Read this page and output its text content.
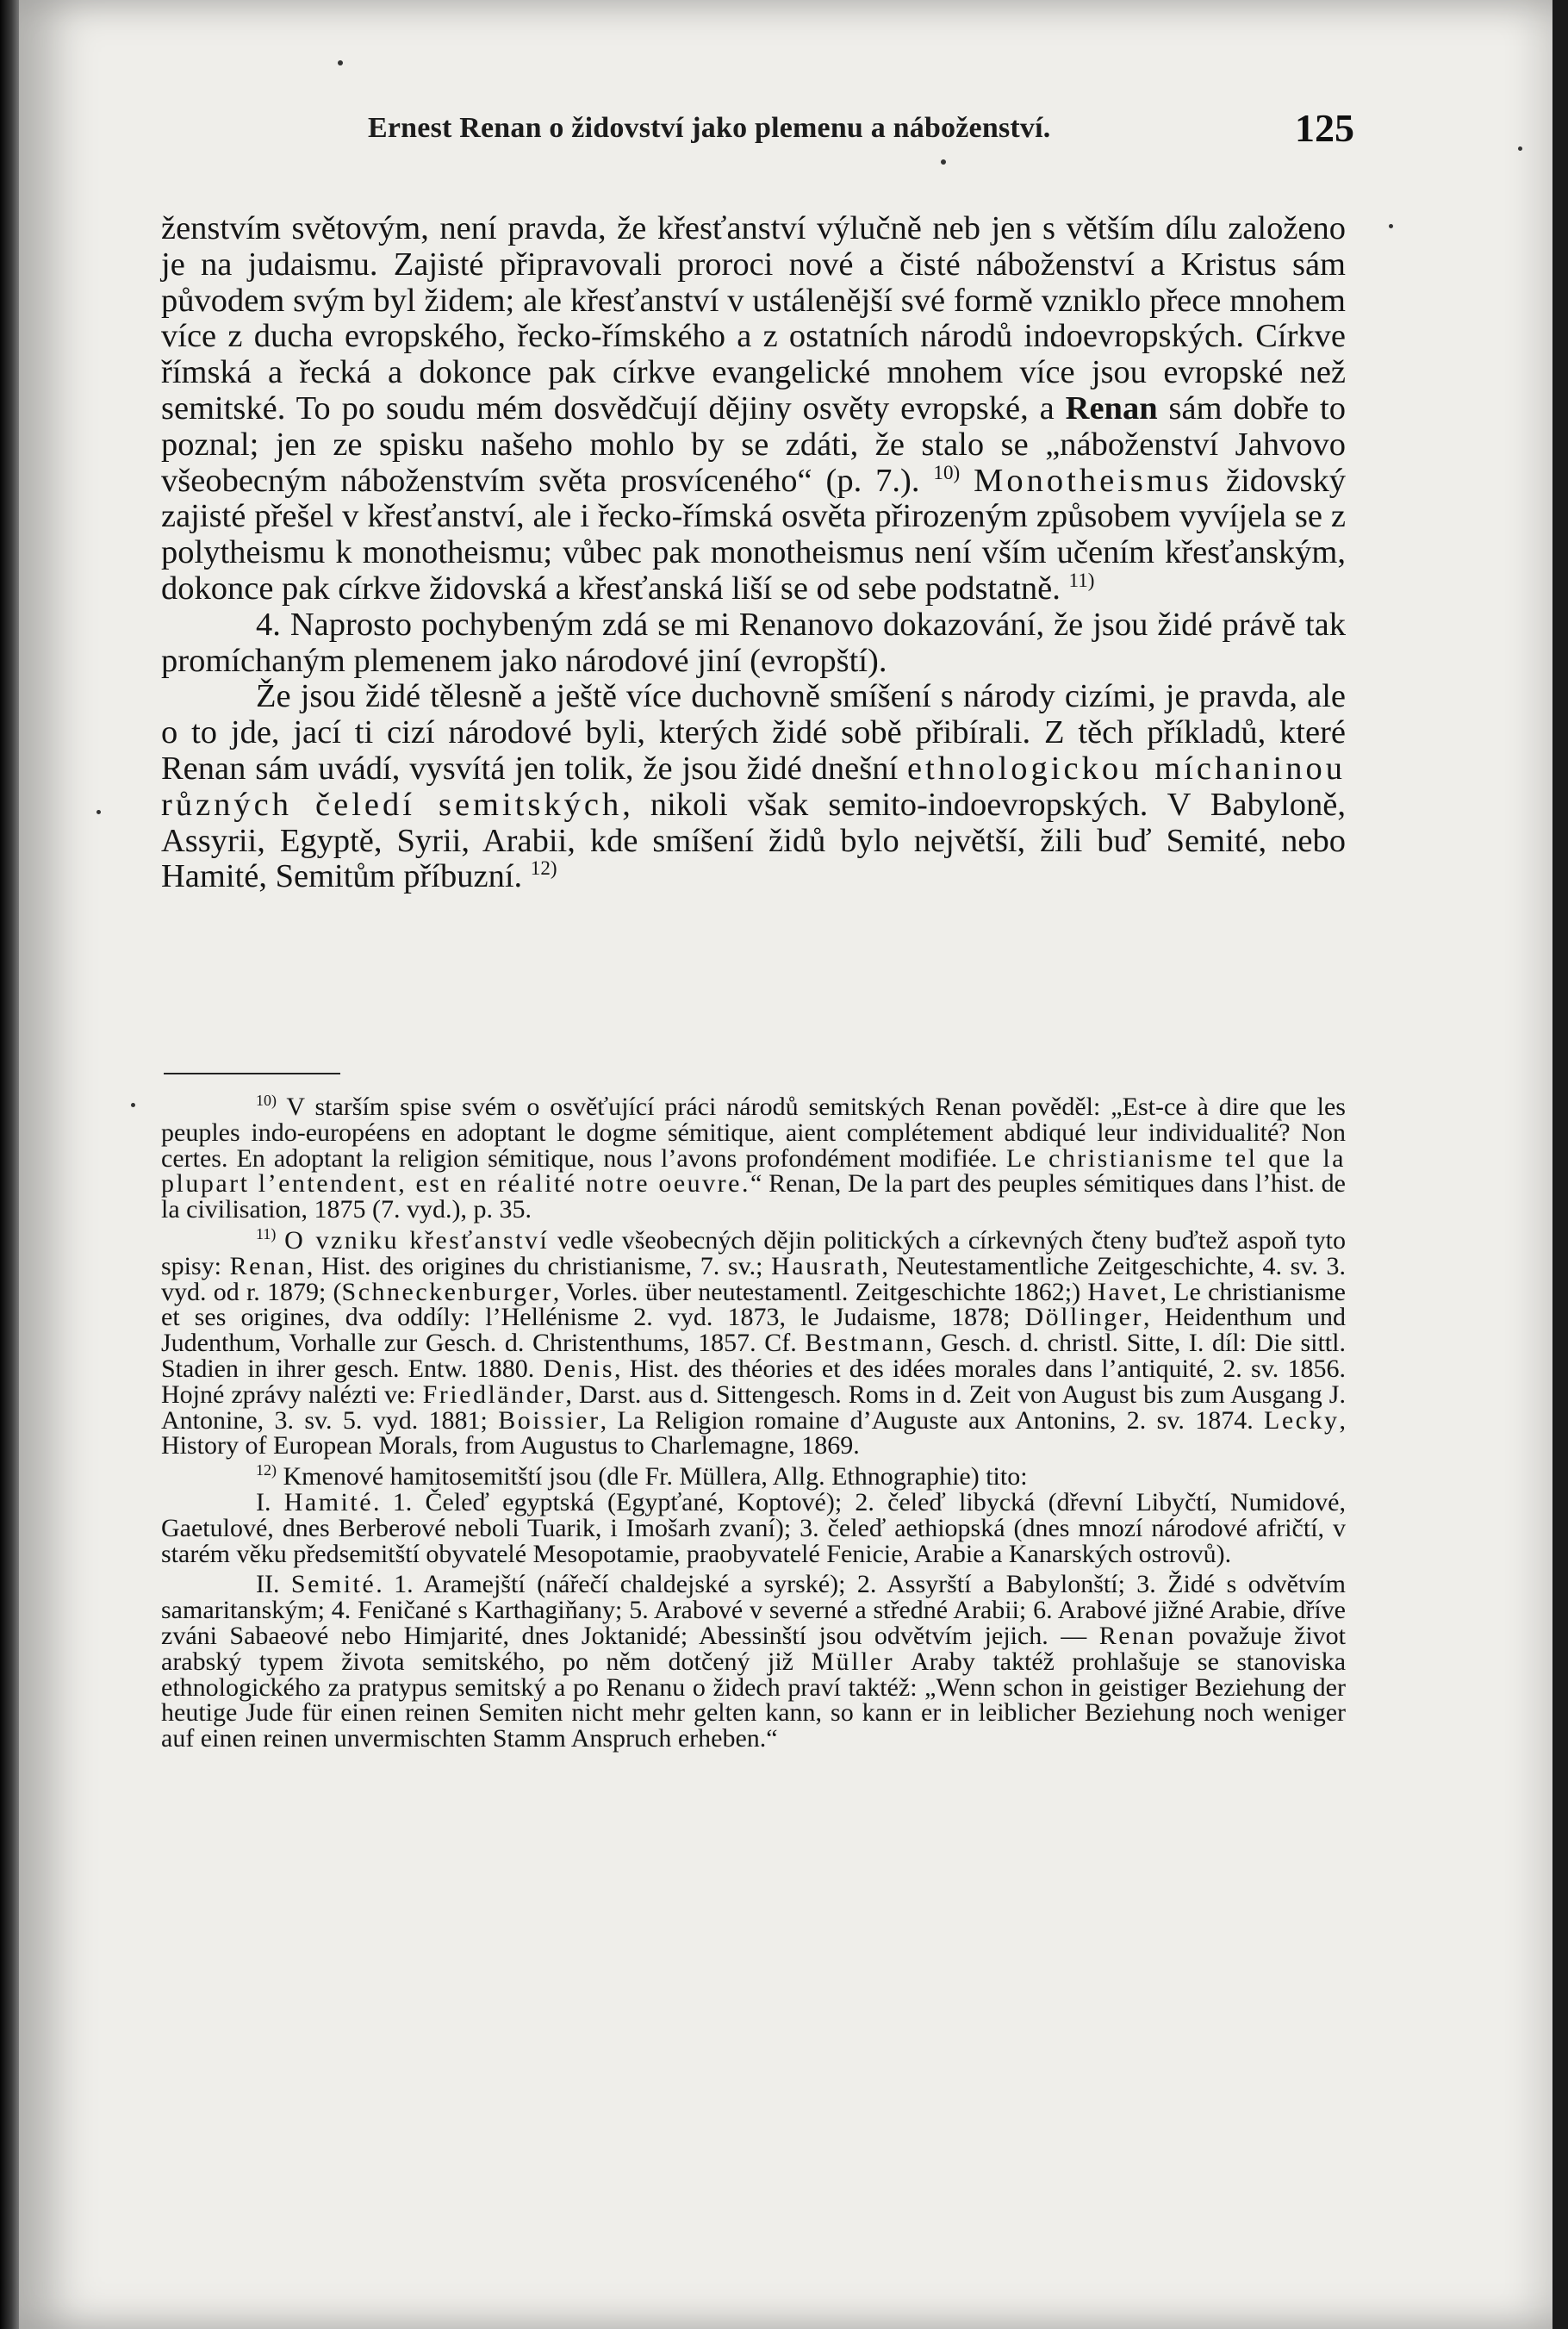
Ernest Renan o židovství jako plemenu a náboženství.	125

ženstvím světovým, není pravda, že křesťanství výlučně neb jen s větším dílu založeno je na judaismu. Zajisté připravovali proroci nové a čisté náboženství a Kristus sám původem svým byl židem; ale křesťanství v ustálenější své formě vzniklo přece mnohem více z ducha evropského, řecko-římského a z ostatních národů indoevropských. Církve římská a řecká a dokonce pak církve evangelické mnohem více jsou evropské než semitské. To po soudu mém dosvědčují dějiny osvěty evropské, a Renan sám dobře to poznal; jen ze spisku našeho mohlo by se zdáti, že stalo se „náboženství Jahvovo všeobecným náboženstvím světa prosvíceného“ (p. 7.). $^{10)}$ Monotheismus židovský zajisté přešel v křesťanství, ale i řecko-římská osvěta přirozeným způsobem vyvíjela se z polytheismu k monotheismu; vůbec pak monotheismus není vším učením křesťanským, dokonce pak církve židovská a křesťanská liší se od sebe podstatně. $^{11)}$

4. Naprosto pochybeným zdá se mi Renanovo dokazování, že jsou židé právě tak promíchaným plemenem jako národové jiní (evropští).

Že jsou židé tělesně a ještě více duchovně smíšení s národy cizími, je pravda, ale o to jde, jací ti cizí národové byli, kterých židé sobě přibírali. Z těch příkladů, které Renan sám uvádí, vysvítá jen tolik, že jsou židé dnešní ethnologickou míchaninou různých čeledí semitských, nikoli však semito-indoevropských. V Babyloně, Assyrii, Egyptě, Syrii, Arabii, kde smíšení židů bylo největší, žili buď Semité, nebo Hamité, Semitům příbuzní. $^{12)}$

$^{10)}$ V starším spise svém o osvěťující práci národů semitských Renan pověděl: „Est-ce à dire que les peuples indo-européens en adoptant le dogme sémitique, aient complétement abdiqué leur individualité? Non certes. En adoptant la religion sémitique, nous l’avons profondément modifiée. Le christianisme tel que la plupart l’entendent, est en réalité notre oeuvre.“ Renan, De la part des peuples sémitiques dans l’hist. de la civilisation, 1875 (7. vyd.), p. 35.

$^{11)}$ O vzniku křesťanství vedle všeobecných dějin politických a církevných čteny buďtež aspoň tyto spisy: Renan, Hist. des origines du christianisme, 7. sv.; Hausrath, Neutestamentliche Zeitgeschichte, 4. sv. 3. vyd. od r. 1879; (Schneckenburger, Vorles. über neutestamentl. Zeitgeschichte 1862;) Havet, Le christianisme et ses origines, dva oddíly: l’Hellénisme 2. vyd. 1873, le Judaisme, 1878; Döllinger, Heidenthum und Judenthum, Vorhalle zur Gesch. d. Christenthums, 1857. Cf. Bestmann, Gesch. d. christl. Sitte, I. díl: Die sittl. Stadien in ihrer gesch. Entw. 1880. Denis, Hist. des théories et des idées morales dans l’antiquité, 2. sv. 1856. Hojné zprávy nalézti ve: Friedländer, Darst. aus d. Sittengesch. Roms in d. Zeit von August bis zum Ausgang J. Antonine, 3. sv. 5. vyd. 1881; Boissier, La Religion romaine d’Auguste aux Antonins, 2. sv. 1874. Lecky, History of European Morals, from Augustus to Charlemagne, 1869.

$^{12)}$ Kmenové hamitosemitští jsou (dle Fr. Müllera, Allg. Ethnographie) tito:

I. Hamité. 1. Čeleď egyptská (Egypťané, Koptové); 2. čeleď libycká (dřevní Libyčtí, Numidové, Gaetulové, dnes Berberové neboli Tuarik, i Imošarh zvaní); 3. čeleď aethiopská (dnes mnozí národové afričtí, v starém věku předsemitští obyvatelé Mesopotamie, praobyvatelé Fenicie, Arabie a Kanarských ostrovů).

II. Semité. 1. Aramejští (nářečí chaldejské a syrské); 2. Assyrští a Babylonští; 3. Židé s odvětvím samaritanským; 4. Feničané s Karthagiňany; 5. Arabové v severné a středné Arabii; 6. Arabové jižné Arabie, dříve zváni Sabaeové nebo Himjarité, dnes Joktanidé; Abessinští jsou odvětvím jejich. — Renan považuje život arabský typem života semitského, po něm dotčený již Müller Araby taktéž prohlašuje se stanoviska ethnologického za pratypus semitský a po Renanu o židech praví taktéž: „Wenn schon in geistiger Beziehung der heutige Jude für einen reinen Semiten nicht mehr gelten kann, so kann er in leiblicher Beziehung noch weniger auf einen reinen unvermischten Stamm Anspruch erheben.“
